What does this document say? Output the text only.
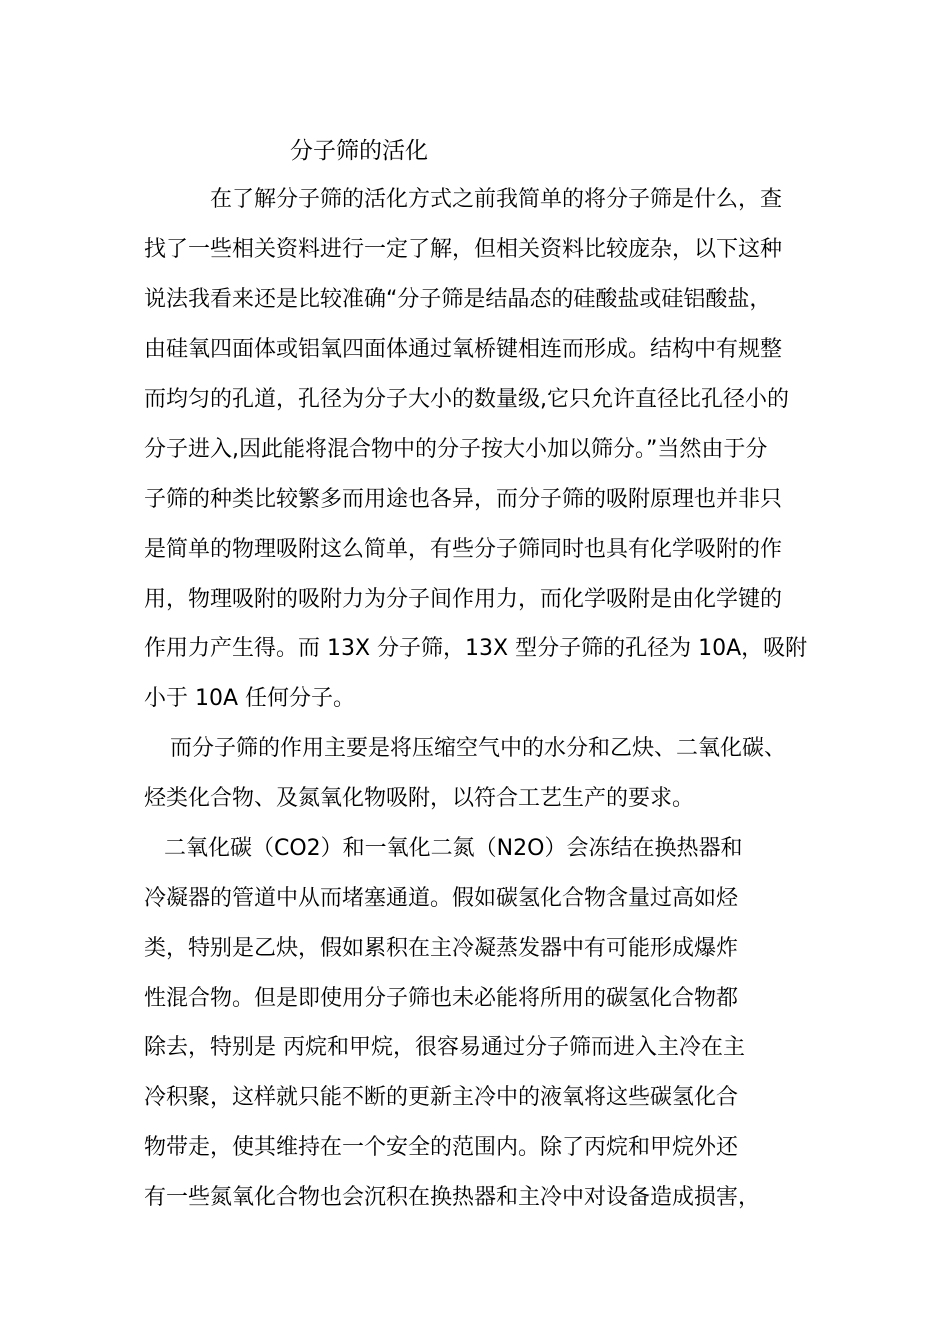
分子筛的活化
在了解分子筛的活化方式之前我简单的将分子筛是什么，查
找了一些相关资料进行一定了解，但相关资料比较庞杂，以下这种
说法我看来还是比较准确“分子筛是结晶态的硅酸盐或硅铝酸盐，
由硅氧四面体或铝氧四面体通过氧桥键相连而形成。结构中有规整
而均匀的孔道，孔径为分子大小的数量级,它只允许直径比孔径小的
分子进入,因此能将混合物中的分子按大小加以筛分。”当然由于分
子筛的种类比较繁多而用途也各异，而分子筛的吸附原理也并非只
是简单的物理吸附这么简单，有些分子筛同时也具有化学吸附的作
用，物理吸附的吸附力为分子间作用力，而化学吸附是由化学键的
作用力产生得。而 13X 分子筛，13X 型分子筛的孔径为 10A，吸附
小于 10A 任何分子。
而分子筛的作用主要是将压缩空气中的水分和乙炔、二氧化碳、
烃类化合物、及氮氧化物吸附，以符合工艺生产的要求。
二氧化碳（CO2）和一氧化二氮（N2O）会冻结在换热器和
冷凝器的管道中从而堵塞通道。假如碳氢化合物含量过高如烃
类，特别是乙炔，假如累积在主冷凝蒸发器中有可能形成爆炸
性混合物。但是即使用分子筛也未必能将所用的碳氢化合物都
除去，特别是 丙烷和甲烷，很容易通过分子筛而进入主冷在主
冷积聚，这样就只能不断的更新主冷中的液氧将这些碳氢化合
物带走，使其维持在一个安全的范围内。除了丙烷和甲烷外还
有一些氮氧化合物也会沉积在换热器和主冷中对设备造成损害，
